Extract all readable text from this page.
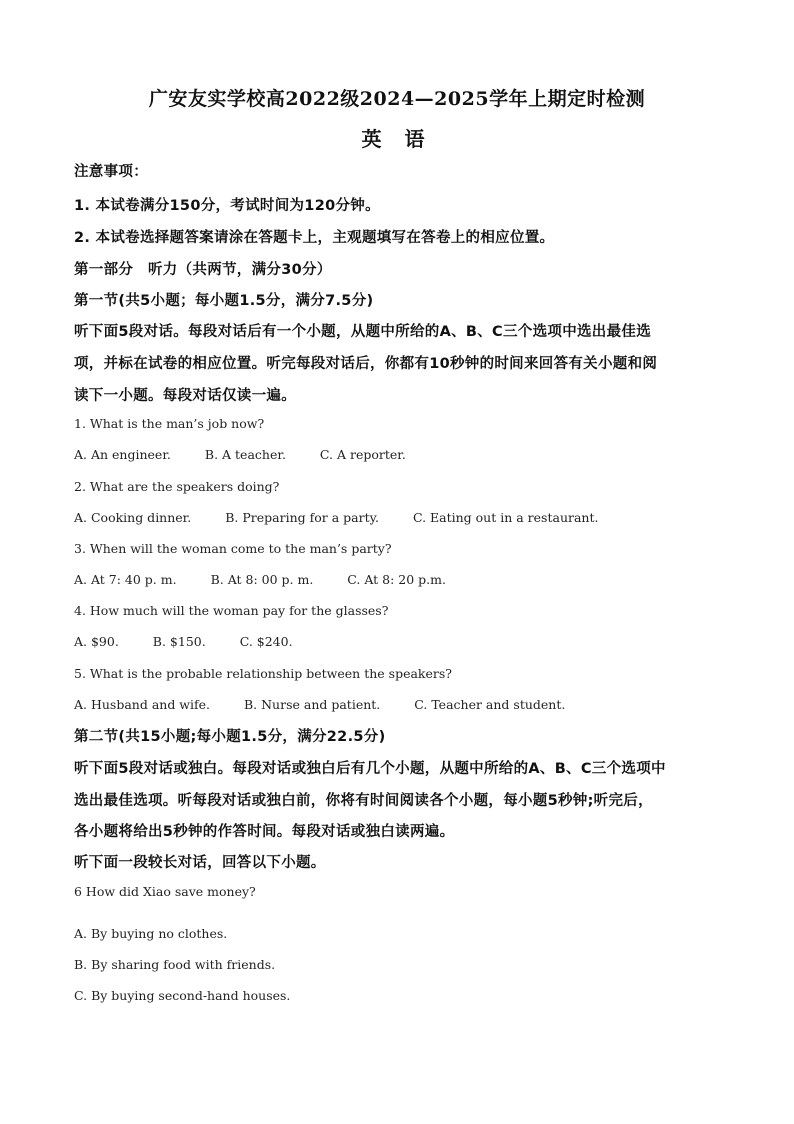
广安友实学校高2022级2024—2025学年上期定时检测
英 语
注意事项：
1. 本试卷满分150分，考试时间为120分钟。
2. 本试卷选择题答案请涂在答题卡上，主观题填写在答卷上的相应位置。
第一部分　听力（共两节，满分30分）
第一节(共5小题；每小题1.5分，满分7.5分)
听下面5段对话。每段对话后有一个小题，从题中所给的A、B、C三个选项中选出最佳选
项，并标在试卷的相应位置。听完每段对话后，你都有10秒钟的时间来回答有关小题和阅
读下一小题。每段对话仅读一遍。
1. What is the man’s job now?
A. An engineer.	B. A teacher.	C. A reporter.
2. What are the speakers doing?
A. Cooking dinner.	B. Preparing for a party.	C. Eating out in a restaurant.
3. When will the woman come to the man’s party?
A. At 7: 40 p. m.	B. At 8: 00 p. m.	C. At 8: 20 p.m.
4. How much will the woman pay for the glasses?
A. $90.	B. $150.	C. $240.
5. What is the probable relationship between the speakers?
A. Husband and wife.	B. Nurse and patient.	C. Teacher and student.
第二节(共15小题;每小题1.5分，满分22.5分)
听下面5段对话或独白。每段对话或独白后有几个小题，从题中所给的A、B、C三个选项中
选出最佳选项。听每段对话或独白前，你将有时间阅读各个小题，每小题5秒钟;听完后，
各小题将给出5秒钟的作答时间。每段对话或独白读两遍。
听下面一段较长对话，回答以下小题。
6 How did Xiao save money?
A. By buying no clothes.
B. By sharing food with friends.
C. By buying second-hand houses.
